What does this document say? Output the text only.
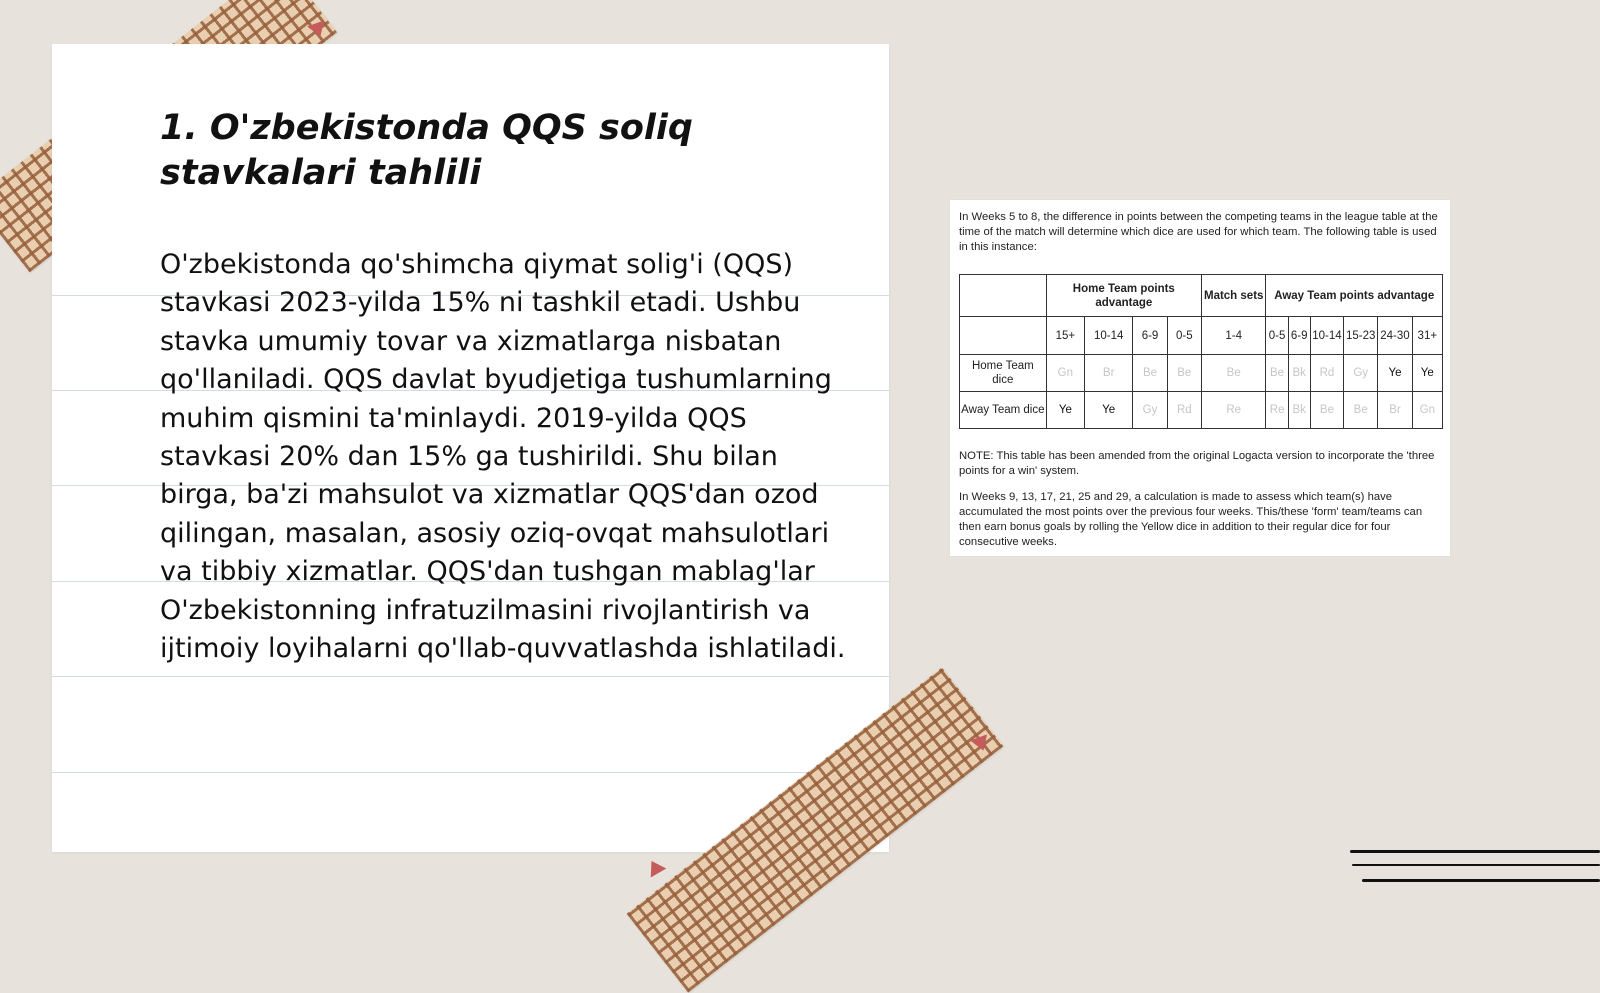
1. O'zbekistonda QQS soliq stavkalari tahlili

O'zbekistonda qo'shimcha qiymat solig'i (QQS) stavkasi 2023-yilda 15% ni tashkil etadi. Ushbu stavka umumiy tovar va xizmatlarga nisbatan qo'llaniladi. QQS davlat byudjetiga tushumlarning muhim qismini ta'minlaydi. 2019-yilda QQS stavkasi 20% dan 15% ga tushirildi. Shu bilan birga, ba'zi mahsulot va xizmatlar QQS'dan ozod qilingan, masalan, asosiy oziq-ovqat mahsulotlari va tibbiy xizmatlar. QQS'dan tushgan mablag'lar O'zbekistonning infratuzilmasini rivojlantirish va ijtimoiy loyihalarni qo'llab-quvvatlashda ishlatiladi.

In Weeks 5 to 8, the difference in points between the competing teams in the league table at the time of the match will determine which dice are used for which team. The following table is used in this instance:

	Home Team points advantage				Match sets	Away Team points advantage					
	15+	10-14	6-9	0-5	1-4	0-5	6-9	10-14	15-23	24-30	31+
Home Team dice	Gn	Br	Be	Be	Be	Be	Bk	Rd	Gy	Ye	Ye
Away Team dice	Ye	Ye	Gy	Rd	Re	Re	Bk	Be	Be	Br	Gn

NOTE: This table has been amended from the original Logacta version to incorporate the 'three points for a win' system.

In Weeks 9, 13, 17, 21, 25 and 29, a calculation is made to assess which team(s) have accumulated the most points over the previous four weeks. This/these 'form' team/teams can then earn bonus goals by rolling the Yellow dice in addition to their regular dice for four consecutive weeks.
